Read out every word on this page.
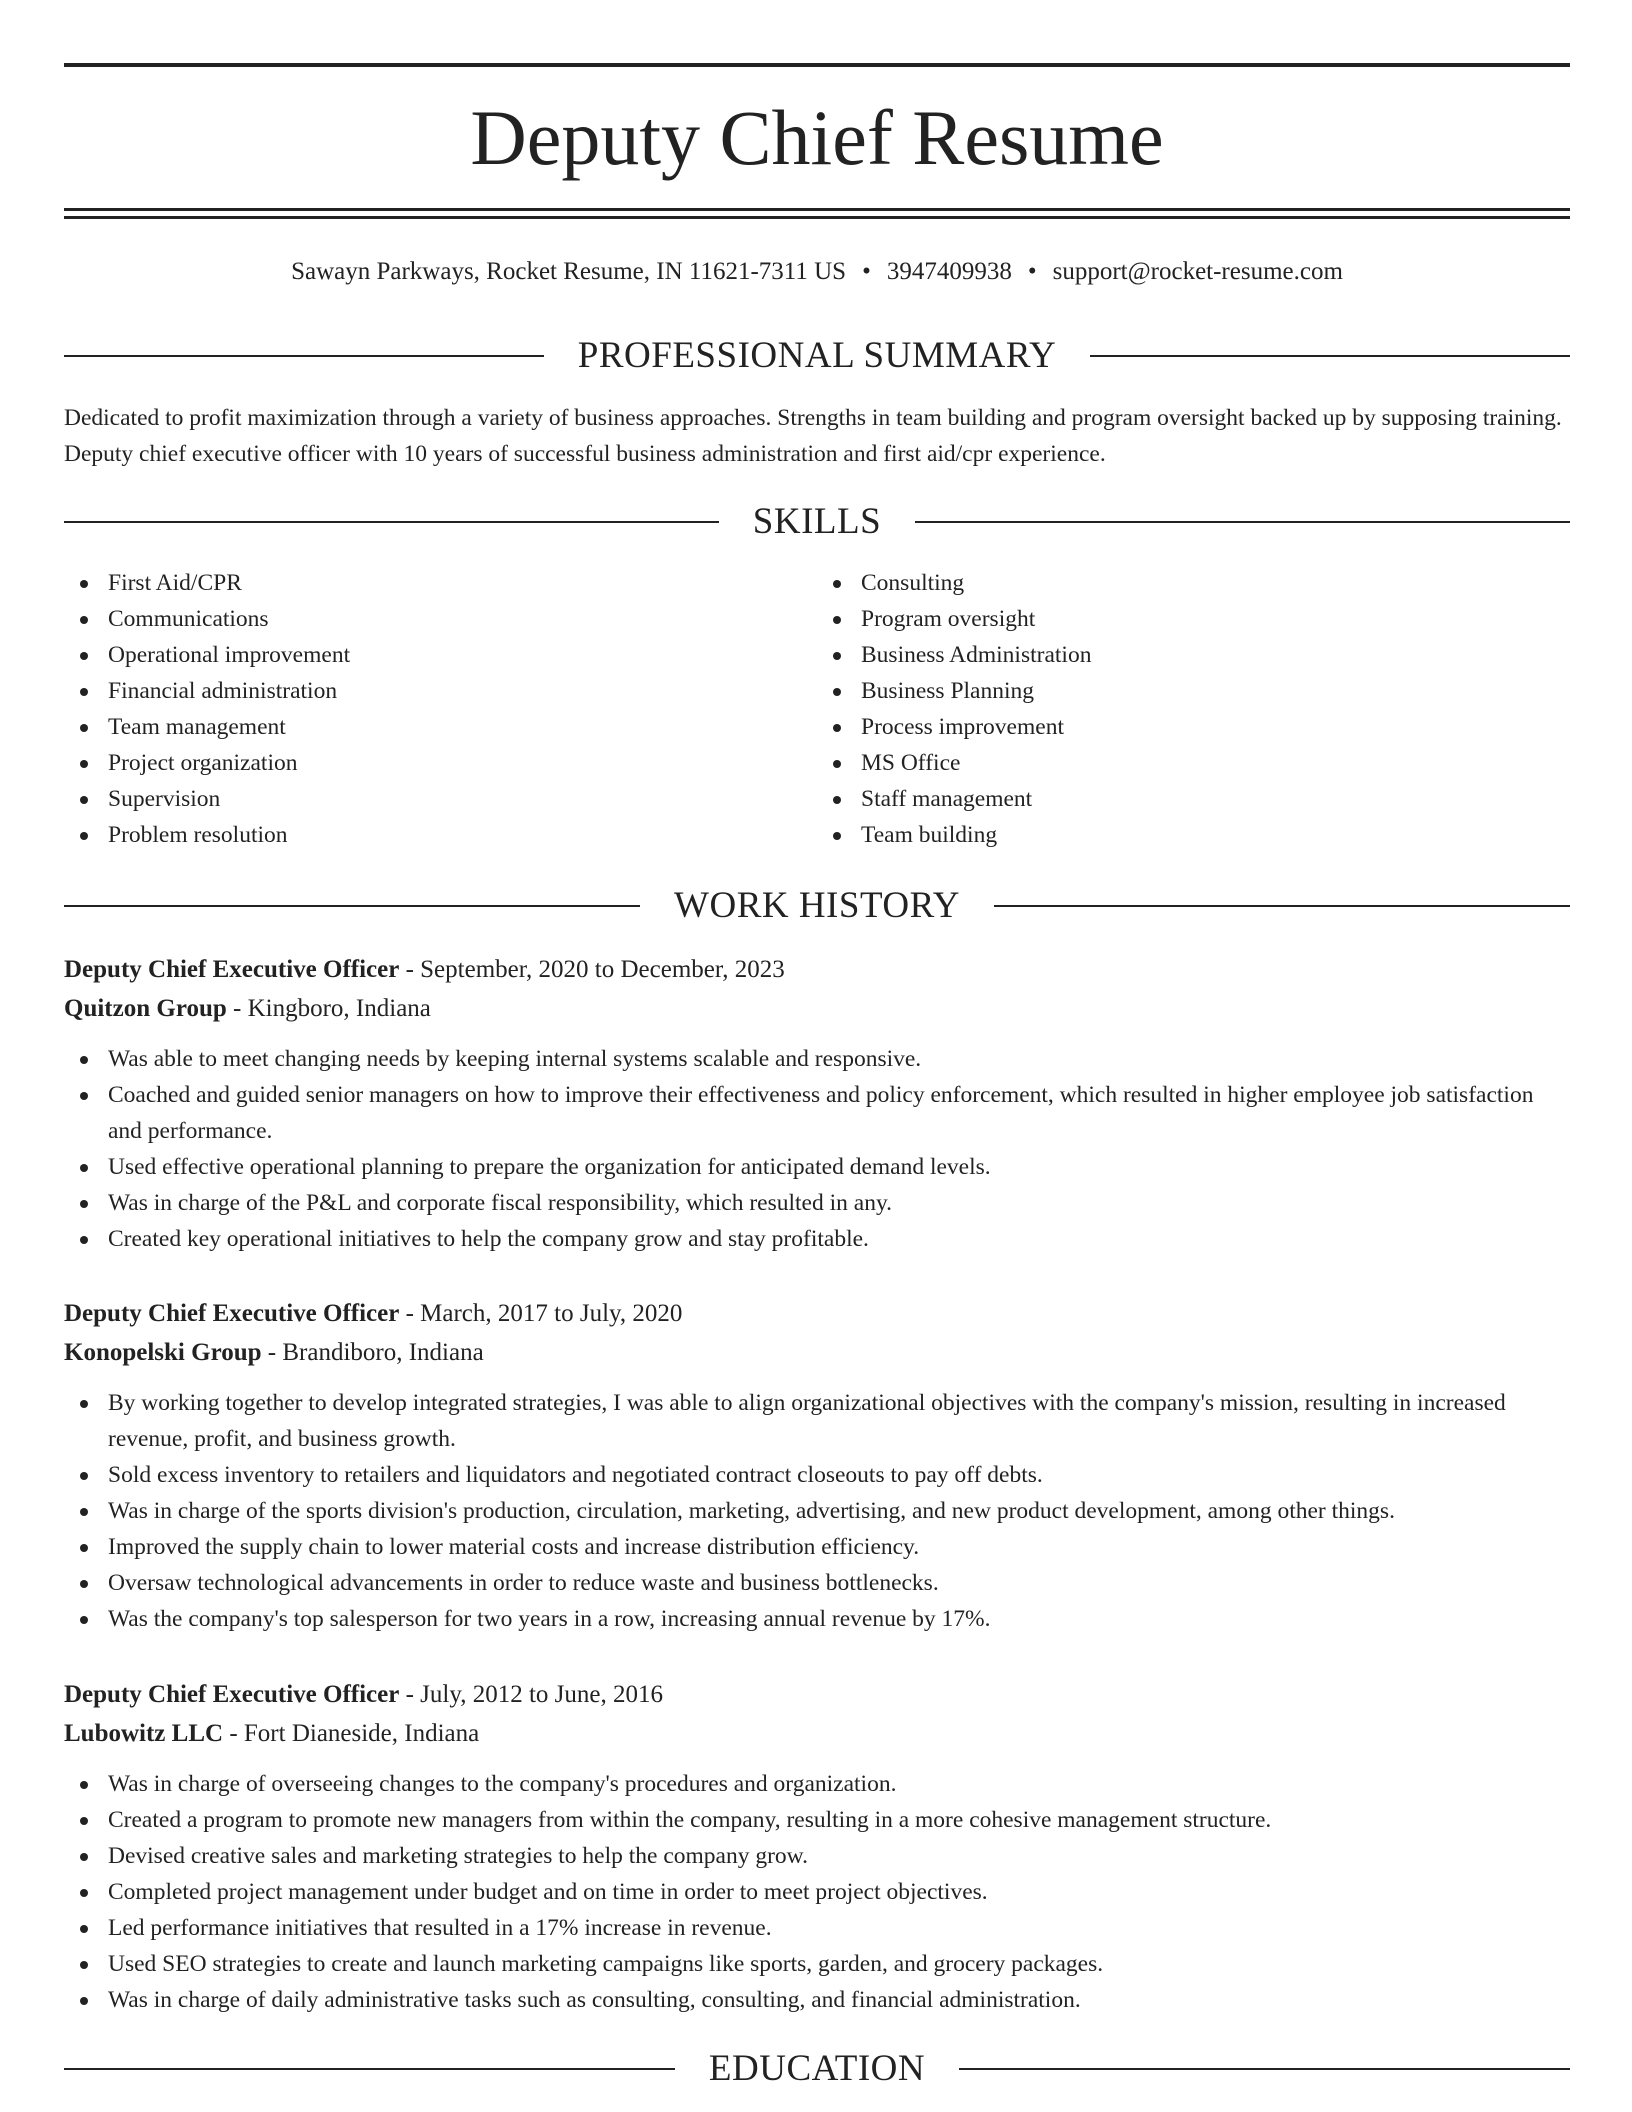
Deputy Chief Resume
Sawayn Parkways, Rocket Resume, IN 11621-7311 US • 3947409938 • support@rocket-resume.com
PROFESSIONAL SUMMARY

Dedicated to profit maximization through a variety of business approaches. Strengths in team building and program oversight backed up by supposing training. Deputy chief executive officer with 10 years of successful business administration and first aid/cpr experience.

SKILLS
First Aid/CPR
Communications
Operational improvement
Financial administration
Team management
Project organization
Supervision
Problem resolution
Consulting
Program oversight
Business Administration
Business Planning
Process improvement
MS Office
Staff management
Team building
WORK HISTORY
Deputy Chief Executive Officer - September, 2020 to December, 2023
Quitzon Group - Kingboro, Indiana
Was able to meet changing needs by keeping internal systems scalable and responsive.
Coached and guided senior managers on how to improve their effectiveness and policy enforcement, which resulted in higher employee job satisfaction and performance.
Used effective operational planning to prepare the organization for anticipated demand levels.
Was in charge of the P&L and corporate fiscal responsibility, which resulted in any.
Created key operational initiatives to help the company grow and stay profitable.
Deputy Chief Executive Officer - March, 2017 to July, 2020
Konopelski Group - Brandiboro, Indiana
By working together to develop integrated strategies, I was able to align organizational objectives with the company's mission, resulting in increased revenue, profit, and business growth.
Sold excess inventory to retailers and liquidators and negotiated contract closeouts to pay off debts.
Was in charge of the sports division's production, circulation, marketing, advertising, and new product development, among other things.
Improved the supply chain to lower material costs and increase distribution efficiency.
Oversaw technological advancements in order to reduce waste and business bottlenecks.
Was the company's top salesperson for two years in a row, increasing annual revenue by 17%.
Deputy Chief Executive Officer - July, 2012 to June, 2016
Lubowitz LLC - Fort Dianeside, Indiana
Was in charge of overseeing changes to the company's procedures and organization.
Created a program to promote new managers from within the company, resulting in a more cohesive management structure.
Devised creative sales and marketing strategies to help the company grow.
Completed project management under budget and on time in order to meet project objectives.
Led performance initiatives that resulted in a 17% increase in revenue.
Used SEO strategies to create and launch marketing campaigns like sports, garden, and grocery packages.
Was in charge of daily administrative tasks such as consulting, consulting, and financial administration.
EDUCATION
